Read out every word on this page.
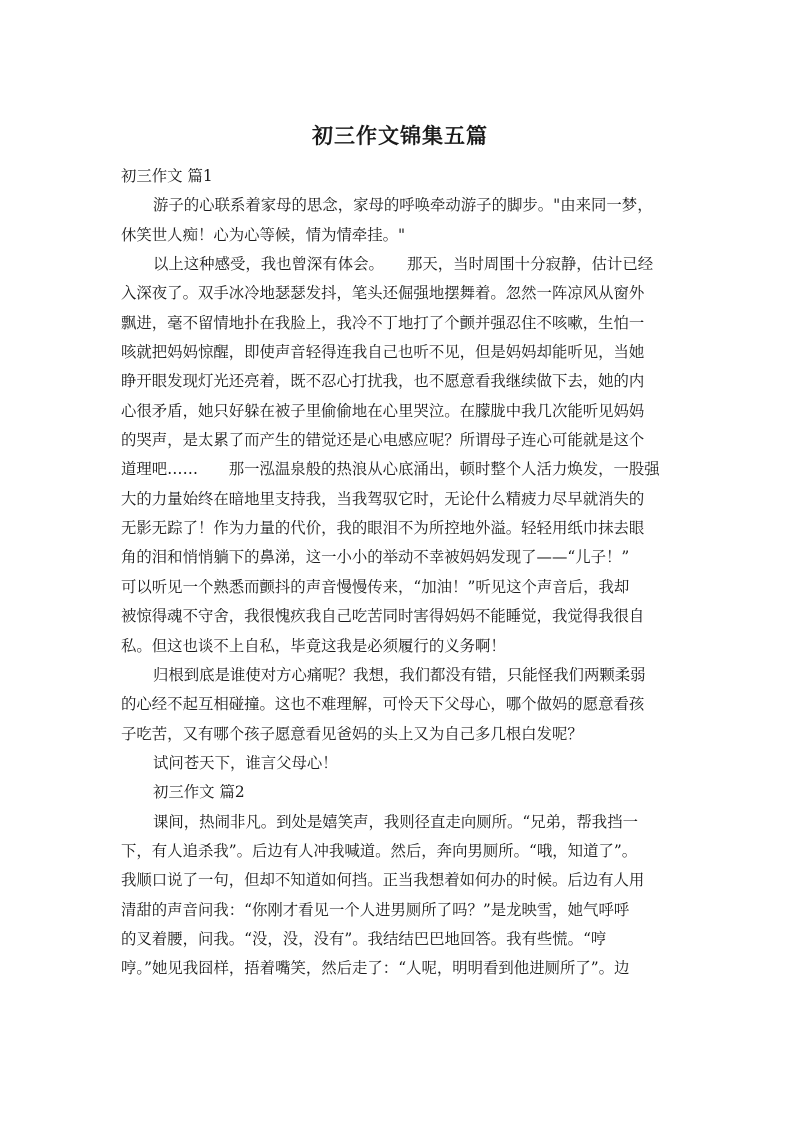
初三作文锦集五篇
初三作文 篇1
游子的心联系着家母的思念，家母的呼唤牵动游子的脚步。"由来同一梦，
休笑世人痴！心为心等候，情为情牵挂。"
以上这种感受，我也曾深有体会。　　那天，当时周围十分寂静，估计已经
入深夜了。双手冰冷地瑟瑟发抖，笔头还倔强地摆舞着。忽然一阵凉风从窗外
飘进，毫不留情地扑在我脸上，我冷不丁地打了个颤并强忍住不咳嗽，生怕一
咳就把妈妈惊醒，即使声音轻得连我自己也听不见，但是妈妈却能听见，当她
睁开眼发现灯光还亮着，既不忍心打扰我，也不愿意看我继续做下去，她的内
心很矛盾，她只好躲在被子里偷偷地在心里哭泣。在朦胧中我几次能听见妈妈
的哭声，是太累了而产生的错觉还是心电感应呢？所谓母子连心可能就是这个
道理吧……　　那一泓温泉般的热浪从心底涌出，顿时整个人活力焕发，一股强
大的力量始终在暗地里支持我，当我驾驭它时，无论什么精疲力尽早就消失的
无影无踪了！作为力量的代价，我的眼泪不为所控地外溢。轻轻用纸巾抹去眼
角的泪和悄悄躺下的鼻涕，这一小小的举动不幸被妈妈发现了——“儿子！”
可以听见一个熟悉而颤抖的声音慢慢传来，“加油！”听见这个声音后，我却
被惊得魂不守舍，我很愧疚我自己吃苦同时害得妈妈不能睡觉，我觉得我很自
私。但这也谈不上自私，毕竟这我是必须履行的义务啊！
归根到底是谁使对方心痛呢？我想，我们都没有错，只能怪我们两颗柔弱
的心经不起互相碰撞。这也不难理解，可怜天下父母心，哪个做妈的愿意看孩
子吃苦，又有哪个孩子愿意看见爸妈的头上又为自己多几根白发呢？
试问苍天下，谁言父母心！
初三作文 篇2
课间，热闹非凡。到处是嬉笑声，我则径直走向厕所。“兄弟，帮我挡一
下，有人追杀我”。后边有人冲我喊道。然后，奔向男厕所。“哦，知道了”。
我顺口说了一句，但却不知道如何挡。正当我想着如何办的时候。后边有人用
清甜的声音问我：“你刚才看见一个人进男厕所了吗？”是龙映雪，她气呼呼
的叉着腰，问我。“没，没，没有”。我结结巴巴地回答。我有些慌。“哼
哼。”她见我囧样，捂着嘴笑，然后走了：“人呢，明明看到他进厕所了”。边
